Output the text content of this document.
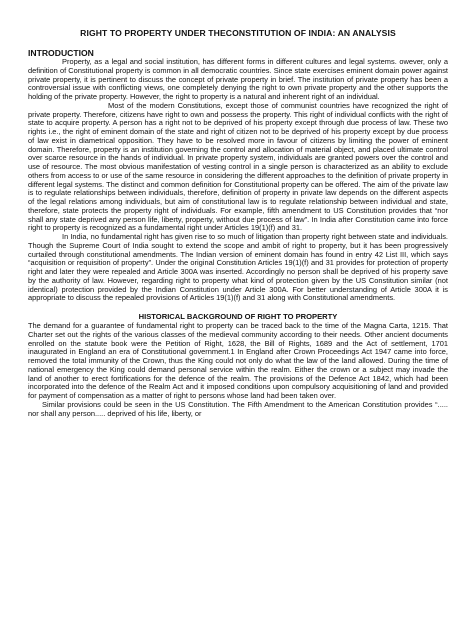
RIGHT TO PROPERTY UNDER THECONSTITUTION OF INDIA: AN ANALYSIS
INTRODUCTION

Property, as a legal and social institution, has different forms in different cultures and legal systems. owever, only a definition of Constitutional property is common in all democratic countries. Since state exercises eminent domain power against private property, it is pertinent to discuss the concept of private property in brief. The institution of private property has been a controversial issue with conflicting views, one completely denying the right to own private property and the other supports the holding of the private property. However, the right to property is a natural and inherent right of an individual.

Most of the modern Constitutions, except those of communist countries have recognized the right of private property. Therefore, citizens have right to own and possess the property. This right of individual conflicts with the right of state to acquire property. A person has a right not to be deprived of his property except through due process of law. These two rights i.e., the right of eminent domain of the state and right of citizen not to be deprived of his property except by due process of law exist in diametrical opposition. They have to be resolved more in favour of citizens by limiting the power of eminent domain. Therefore, property is an institution governing the control and allocation of material object, and placed ultimate control over scarce resource in the hands of individual. In private property system, individuals are granted powers over the control and use of resource. The most obvious manifestation of vesting control in a single person is characterized as an ability to exclude others from access to or use of the same resource in considering the different approaches to the definition of private property in different legal systems. The distinct and common definition for Constitutional property can be offered. The aim of the private law is to regulate relationships between individuals, therefore, definition of property in private law depends on the different aspects of the legal relations among individuals, but aim of constitutional law is to regulate relationship between individual and state, therefore, state protects the property right of individuals. For example, fifth amendment to US Constitution provides that “nor shall any state deprived any person life, liberty, property, without due process of law”. In India after Constitution came into force right to property is recognized as a fundamental right under Articles 19(1)(f) and 31.

In India, no fundamental right has given rise to so much of litigation than property right between state and individuals. Though the Supreme Court of India sought to extend the scope and ambit of right to property, but it has been progressively curtailed through constitutional amendments. The Indian version of eminent domain has found in entry 42 List III, which says “acquisition or requisition of property”. Under the original Constitution Articles 19(1)(f) and 31 provides for protection of property right and later they were repealed and Article 300A was inserted. Accordingly no person shall be deprived of his property save by the authority of law. However, regarding right to property what kind of protection given by the US Constitution similar (not identical) protection provided by the Indian Constitution under Article 300A. For better understanding of Article 300A it is appropriate to discuss the repealed provisions of Articles 19(1)(f) and 31 along with Constitutional amendments.

HISTORICAL BACKGROUND OF RIGHT TO PROPERTY

The demand for a guarantee of fundamental right to property can be traced back to the time of the Magna Carta, 1215. That Charter set out the rights of the various classes of the medieval community according to their needs. Other ancient documents enrolled on the statute book were the Petition of Right, 1628, the Bill of Rights, 1689 and the Act of settlement, 1701 inaugurated in England an era of Constitutional government.1 In England after Crown Proceedings Act 1947 came into force, removed the total immunity of the Crown, thus the King could not only do what the law of the land allowed. During the time of national emergency the King could demand personal service within the realm. Either the crown or a subject may invade the land of another to erect fortifications for the defence of the realm. The provisions of the Defence Act 1842, which had been incorporated into the defence of the Realm Act and it imposed conditions upon compulsory acquisitioning of land and provided for payment of compensation as a matter of right to persons whose land had been taken over.

Similar provisions could be seen in the US Constitution. The Fifth Amendment to the American Constitution provides “..... nor shall any person..... deprived of his life, liberty, or
